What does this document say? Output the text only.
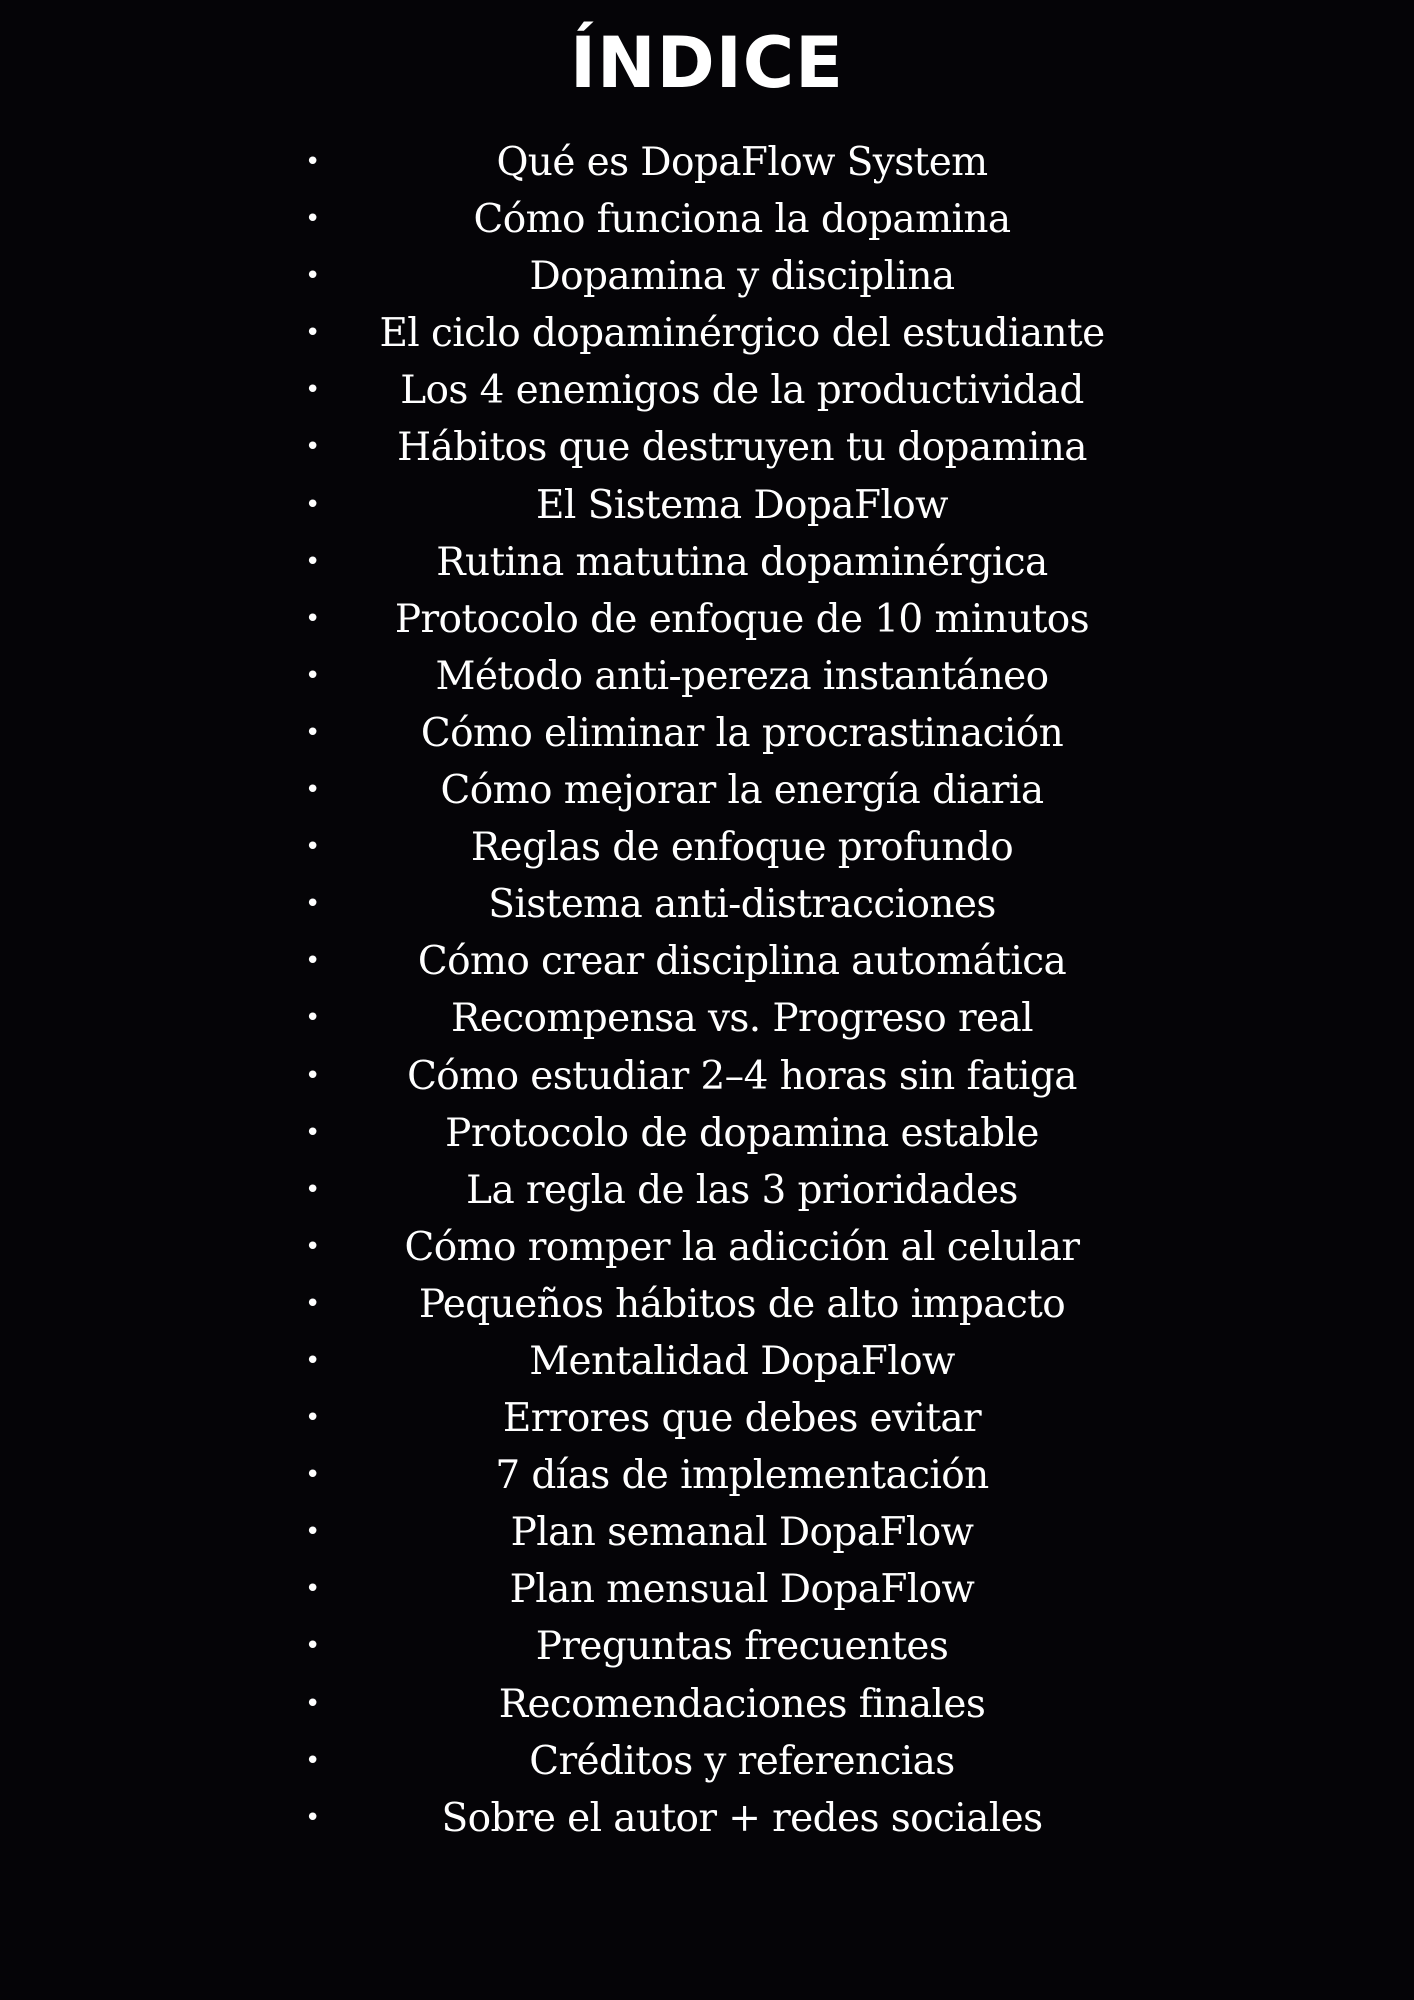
ÍNDICE
•	Qué es DopaFlow System
•	Cómo funciona la dopamina
•	Dopamina y disciplina
•	El ciclo dopaminérgico del estudiante
•	Los 4 enemigos de la productividad
•	Hábitos que destruyen tu dopamina
•	El Sistema DopaFlow
•	Rutina matutina dopaminérgica
•	Protocolo de enfoque de 10 minutos
•	Método anti-pereza instantáneo
•	Cómo eliminar la procrastinación
•	Cómo mejorar la energía diaria
•	Reglas de enfoque profundo
•	Sistema anti-distracciones
•	Cómo crear disciplina automática
•	Recompensa vs. Progreso real
•	Cómo estudiar 2–4 horas sin fatiga
•	Protocolo de dopamina estable
•	La regla de las 3 prioridades
•	Cómo romper la adicción al celular
•	Pequeños hábitos de alto impacto
•	Mentalidad DopaFlow
•	Errores que debes evitar
•	7 días de implementación
•	Plan semanal DopaFlow
•	Plan mensual DopaFlow
•	Preguntas frecuentes
•	Recomendaciones finales
•	Créditos y referencias
•	Sobre el autor + redes sociales
